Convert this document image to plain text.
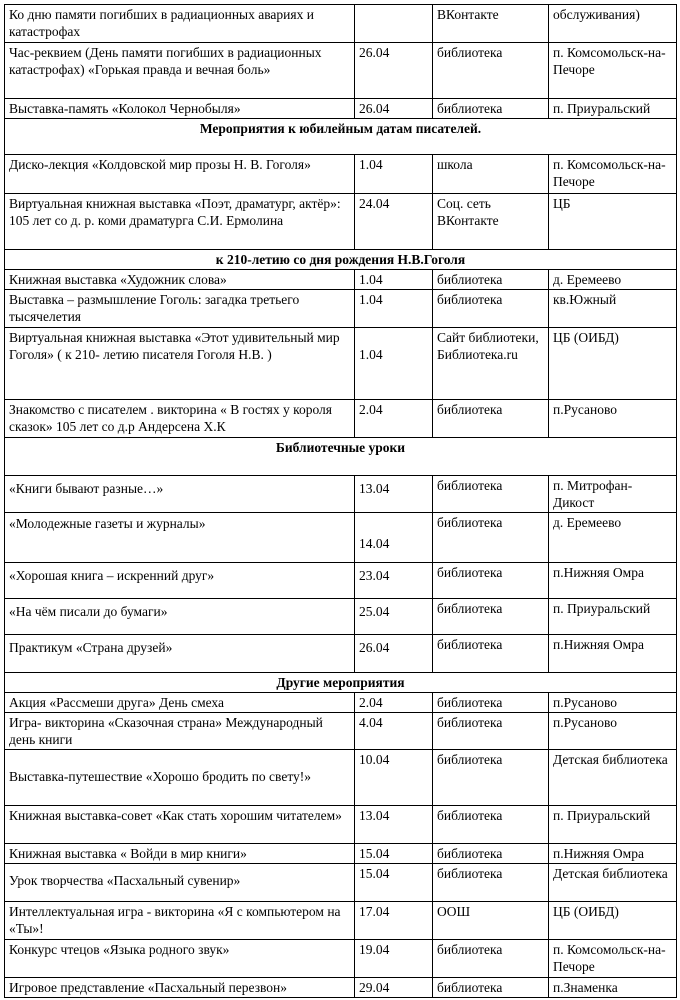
Ко дню памяти погибших в радиационных авариях и катастрофах		ВКонтакте	обслуживания)
Час-реквием (День памяти погибших в радиационных катастрофах) «Горькая правда и вечная боль»	26.04	библиотека	п. Комсомольск-на- Печоре
Выставка-память «Колокол Чернобыля»	26.04	библиотека	п. Приуральский
Мероприятия к юбилейным датам писателей.			
Диско-лекция «Колдовской мир прозы Н. В. Гоголя»	1.04	школа	п. Комсомольск-на- Печоре
Виртуальная книжная выставка «Поэт, драматург, актёр»: 105 лет со д. р. коми драматурга С.И. Ермолина	24.04	Соц. сеть ВКонтакте	ЦБ
к 210-летию со дня рождения Н.В.Гоголя			
Книжная выставка «Художник слова»	1.04	библиотека	д. Еремеево
Выставка – размышление Гоголь: загадка третьего тысячелетия	1.04	библиотека	кв.Южный
Виртуальная книжная выставка «Этот удивительный мир Гоголя» ( к 210- летию писателя Гоголя Н.В. )	1.04	Сайт библиотеки, Библиотека.ru	ЦБ (ОИБД)
Знакомство с писателем . викторина « В гостях у короля сказок» 105 лет со д.р Андерсена Х.К	2.04	библиотека	п.Русаново
Библиотечные уроки			
«Книги бывают разные…»	13.04	библиотека	п. Митрофан-Дикост
«Молодежные газеты и журналы»	14.04	библиотека	д. Еремеево
«Хорошая книга – искренний друг»	23.04	библиотека	п.Нижняя Омра
«На чём писали до бумаги»	25.04	библиотека	п. Приуральский
Практикум «Страна друзей»	26.04	библиотека	п.Нижняя Омра
Другие мероприятия			
Акция «Рассмеши друга» День смеха	2.04	библиотека	п.Русаново
Игра- викторина «Сказочная страна» Международный день книги	4.04	библиотека	п.Русаново
Выставка-путешествие «Хорошо бродить по свету!»	10.04	библиотека	Детская библиотека
Книжная выставка-совет «Как стать хорошим читателем»	13.04	библиотека	п. Приуральский
Книжная выставка « Войди в мир книги»	15.04	библиотека	п.Нижняя Омра
Урок творчества «Пасхальный сувенир»	15.04	библиотека	Детская библиотека
Интеллектуальная игра - викторина «Я с компьютером на «Ты»!	17.04	ООШ	ЦБ (ОИБД)
Конкурс чтецов «Языка родного звук»	19.04	библиотека	п. Комсомольск-на- Печоре
Игровое представление «Пасхальный перезвон»	29.04	библиотека	п.Знаменка
